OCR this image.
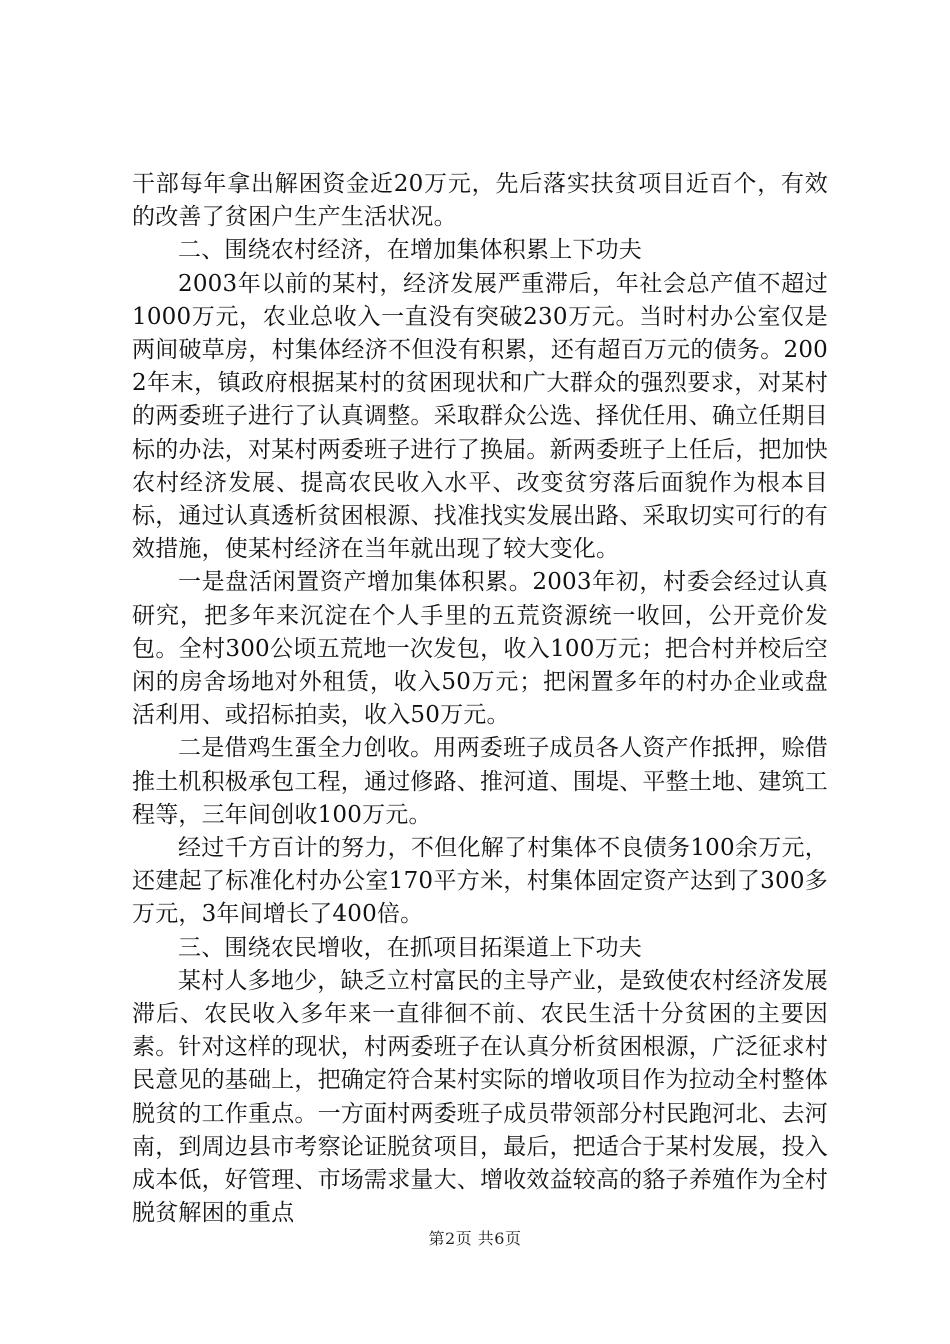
干部每年拿出解困资金近20万元，先后落实扶贫项目近百个，有效的改善了贫困户生产生活状况。

二、围绕农村经济，在增加集体积累上下功夫

2003年以前的某村，经济发展严重滞后，年社会总产值不超过1000万元，农业总收入一直没有突破230万元。当时村办公室仅是两间破草房，村集体经济不但没有积累，还有超百万元的债务。2002年末，镇政府根据某村的贫困现状和广大群众的强烈要求，对某村的两委班子进行了认真调整。采取群众公选、择优任用、确立任期目标的办法，对某村两委班子进行了换届。新两委班子上任后，把加快农村经济发展、提高农民收入水平、改变贫穷落后面貌作为根本目标，通过认真透析贫困根源、找准找实发展出路、采取切实可行的有效措施，使某村经济在当年就出现了较大变化。

一是盘活闲置资产增加集体积累。2003年初，村委会经过认真研究，把多年来沉淀在个人手里的五荒资源统一收回，公开竞价发包。全村300公顷五荒地一次发包，收入100万元；把合村并校后空闲的房舍场地对外租赁，收入50万元；把闲置多年的村办企业或盘活利用、或招标拍卖，收入50万元。

二是借鸡生蛋全力创收。用两委班子成员各人资产作抵押，赊借推土机积极承包工程，通过修路、推河道、围堤、平整土地、建筑工程等，三年间创收100万元。

经过千方百计的努力，不但化解了村集体不良债务100余万元，还建起了标准化村办公室170平方米，村集体固定资产达到了300多万元，3年间增长了400倍。

三、围绕农民增收，在抓项目拓渠道上下功夫

某村人多地少，缺乏立村富民的主导产业，是致使农村经济发展滞后、农民收入多年来一直徘徊不前、农民生活十分贫困的主要因素。针对这样的现状，村两委班子在认真分析贫困根源，广泛征求村民意见的基础上，把确定符合某村实际的增收项目作为拉动全村整体脱贫的工作重点。一方面村两委班子成员带领部分村民跑河北、去河南，到周边县市考察论证脱贫项目，最后，把适合于某村发展，投入成本低，好管理、市场需求量大、增收效益较高的貉子养殖作为全村脱贫解困的重点

第2页 共6页
